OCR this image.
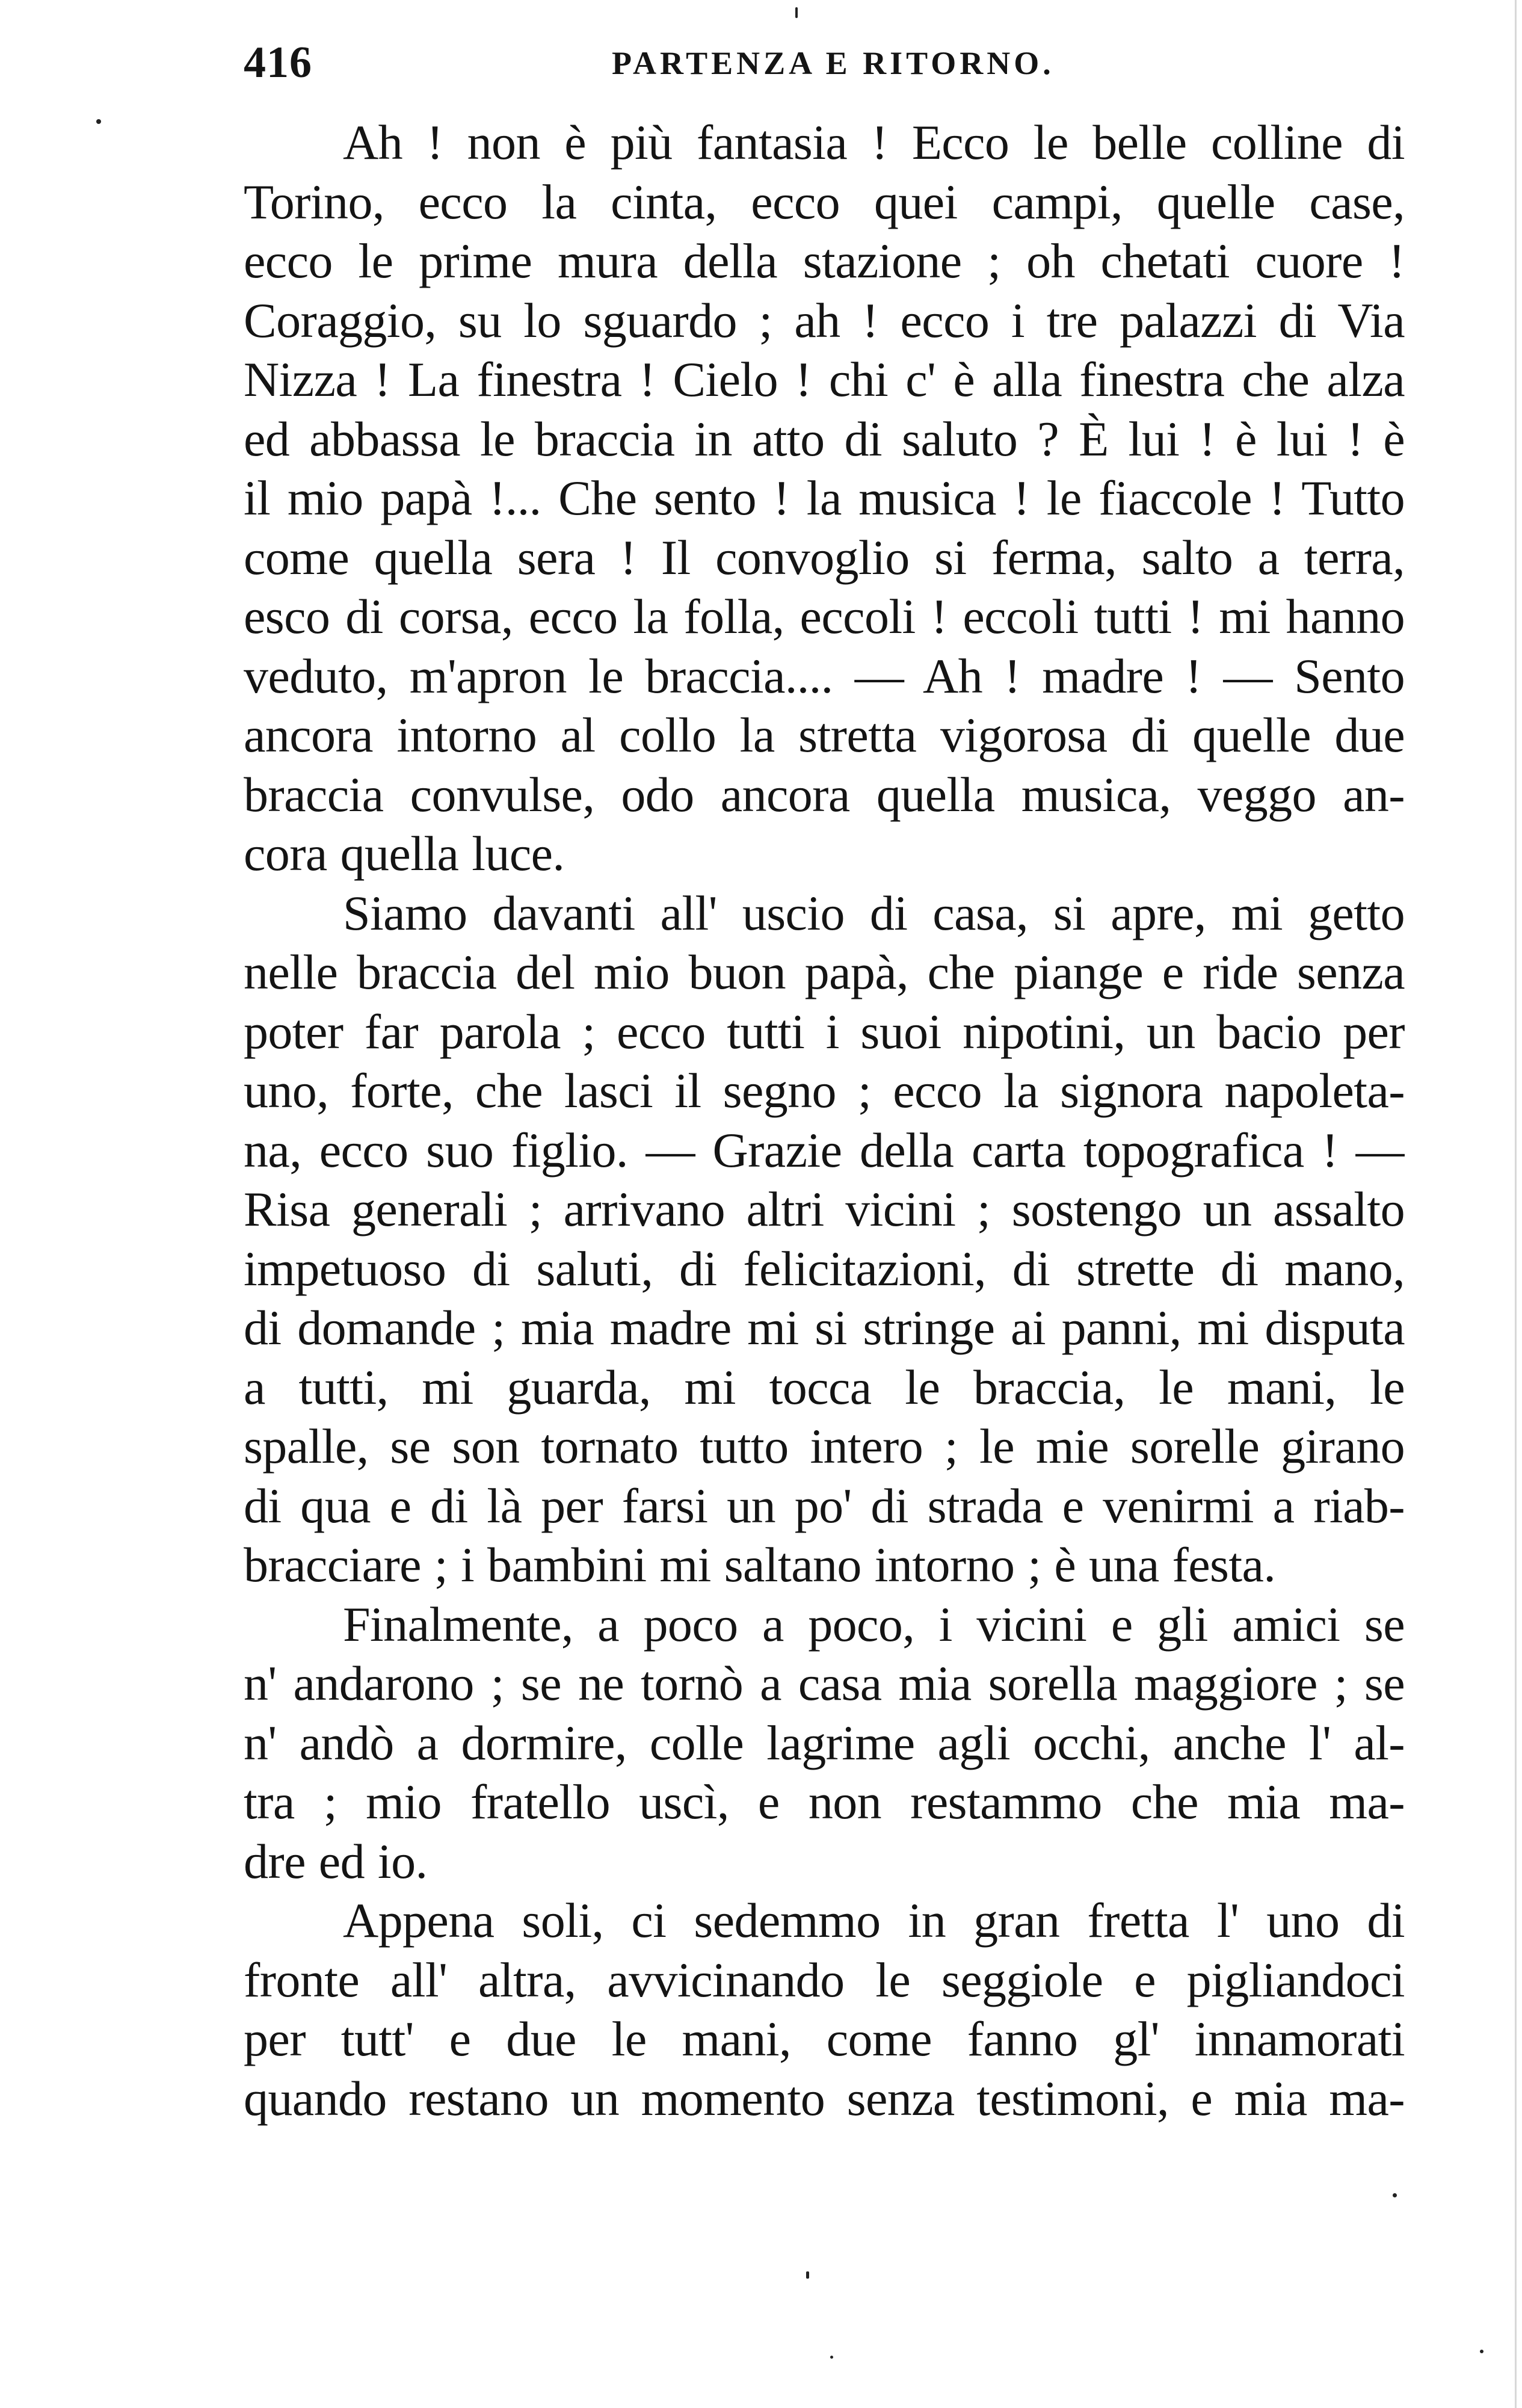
416	PARTENZA E RITORNO.
Ah ! non è più fantasia ! Ecco le belle colline di
Torino, ecco la cinta, ecco quei campi, quelle case,
ecco le prime mura della stazione ; oh chetati cuore !
Coraggio, su lo sguardo ; ah ! ecco i tre palazzi di Via
Nizza ! La finestra ! Cielo ! chi c' è alla finestra che alza
ed abbassa le braccia in atto di saluto ? È lui ! è lui ! è
il mio papà !... Che sento ! la musica ! le fiaccole ! Tutto
come quella sera ! Il convoglio si ferma, salto a terra,
esco di corsa, ecco la folla, eccoli ! eccoli tutti ! mi hanno
veduto, m'apron le braccia.... — Ah ! madre ! — Sento
ancora intorno al collo la stretta vigorosa di quelle due
braccia convulse, odo ancora quella musica, veggo an-
cora quella luce.
Siamo davanti all' uscio di casa, si apre, mi getto
nelle braccia del mio buon papà, che piange e ride senza
poter far parola ; ecco tutti i suoi nipotini, un bacio per
uno, forte, che lasci il segno ; ecco la signora napoleta-
na, ecco suo figlio. — Grazie della carta topografica ! —
Risa generali ; arrivano altri vicini ; sostengo un assalto
impetuoso di saluti, di felicitazioni, di strette di mano,
di domande ; mia madre mi si stringe ai panni, mi disputa
a tutti, mi guarda, mi tocca le braccia, le mani, le
spalle, se son tornato tutto intero ; le mie sorelle girano
di qua e di là per farsi un po' di strada e venirmi a riab-
bracciare ; i bambini mi saltano intorno ; è una festa.
Finalmente, a poco a poco, i vicini e gli amici se
n' andarono ; se ne tornò a casa mia sorella maggiore ; se
n' andò a dormire, colle lagrime agli occhi, anche l' al-
tra ; mio fratello uscì, e non restammo che mia ma-
dre ed io.
Appena soli, ci sedemmo in gran fretta l' uno di
fronte all' altra, avvicinando le seggiole e pigliandoci
per tutt' e due le mani, come fanno gl' innamorati
quando restano un momento senza testimoni, e mia ma-
